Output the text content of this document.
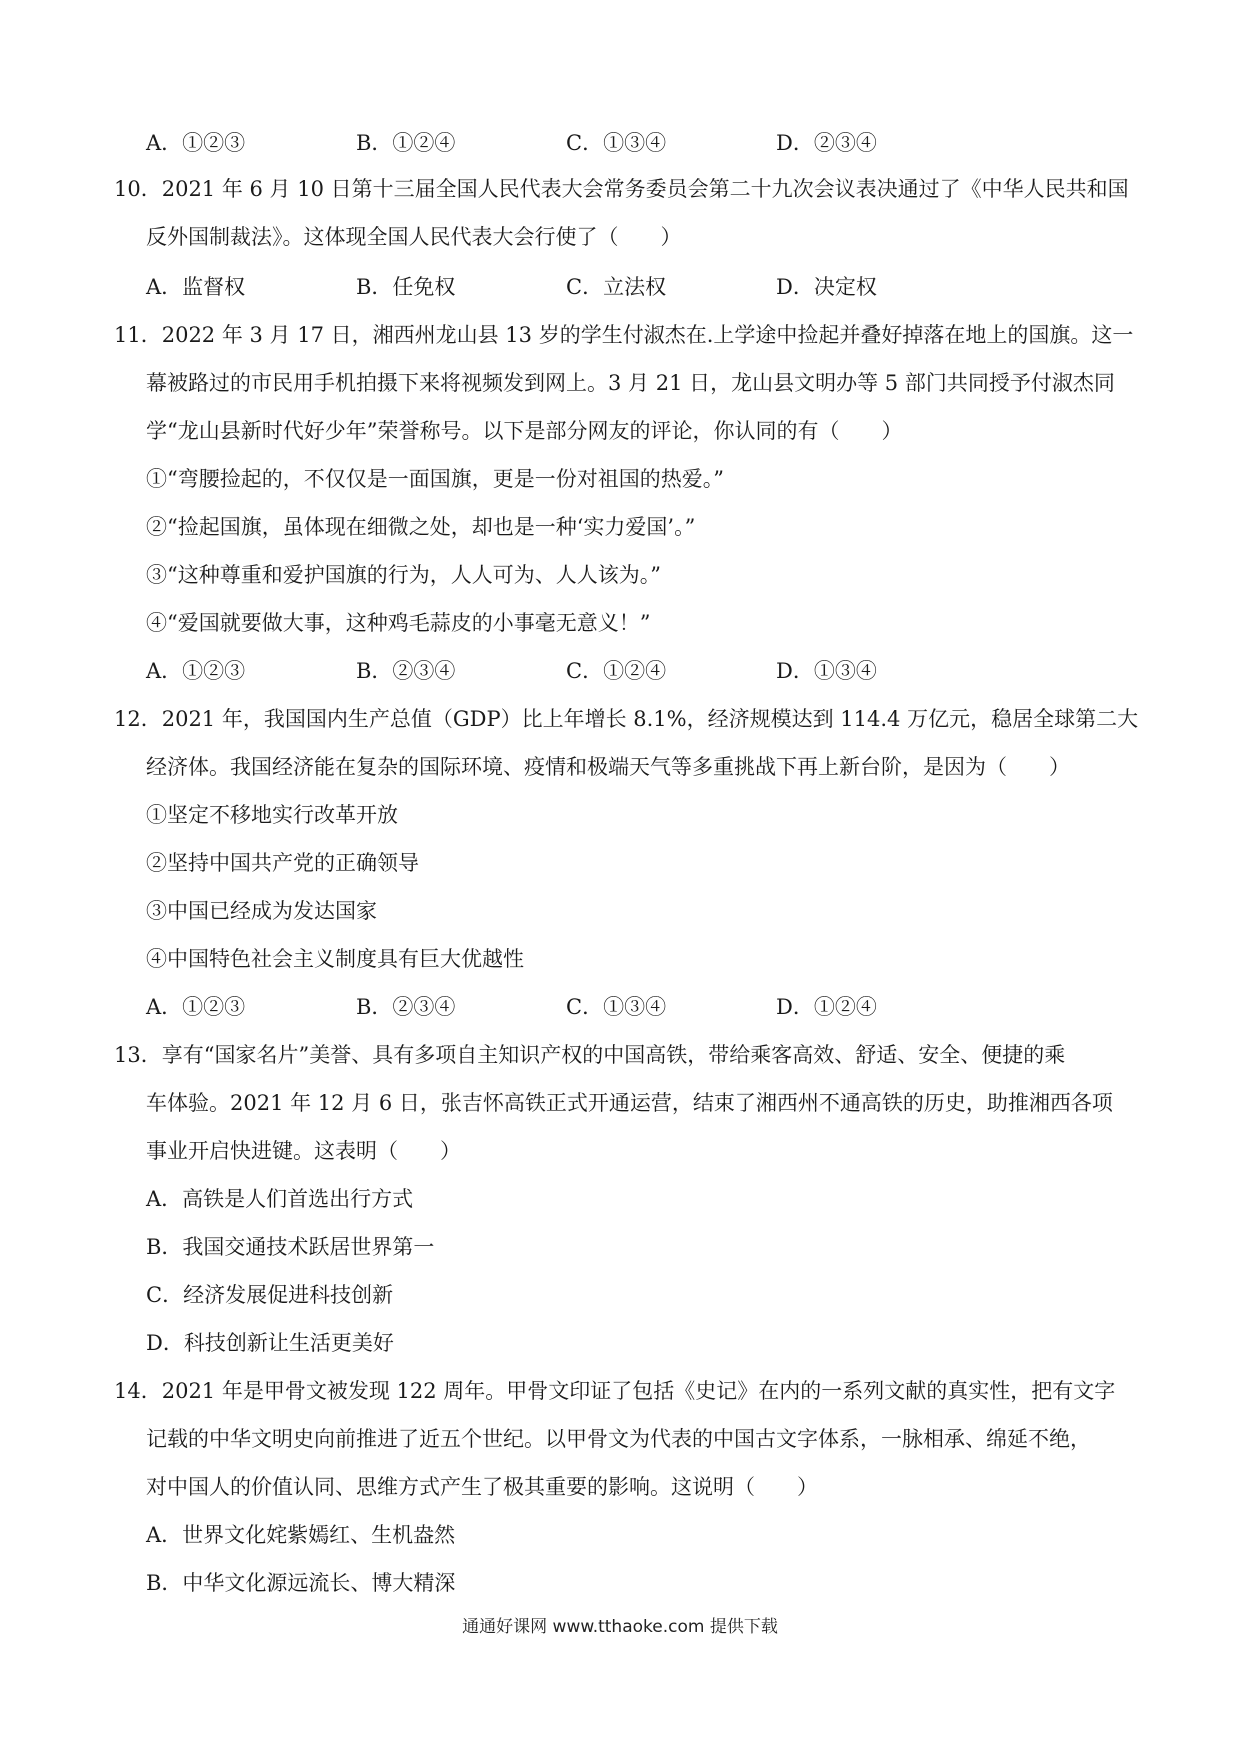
A．①②③	B．①②④	C．①③④	D．②③④
10．2021 年 6 月 10 日第十三届全国人民代表大会常务委员会第二十九次会议表决通过了《中华人民共和国
反外国制裁法》。这体现全国人民代表大会行使了（　　）
A．监督权	B．任免权	C．立法权	D．决定权
11．2022 年 3 月 17 日，湘西州龙山县 13 岁的学生付淑杰在.上学途中捡起并叠好掉落在地上的国旗。这一
幕被路过的市民用手机拍摄下来将视频发到网上。3 月 21 日，龙山县文明办等 5 部门共同授予付淑杰同
学“龙山县新时代好少年”荣誉称号。以下是部分网友的评论，你认同的有（　　）
①“弯腰捡起的，不仅仅是一面国旗，更是一份对祖国的热爱。”
②“捡起国旗，虽体现在细微之处，却也是一种‘实力爱国’。”
③“这种尊重和爱护国旗的行为，人人可为、人人该为。”
④“爱国就要做大事，这种鸡毛蒜皮的小事毫无意义！”
A．①②③	B．②③④	C．①②④	D．①③④
12．2021 年，我国国内生产总值（GDP）比上年增长 8.1%，经济规模达到 114.4 万亿元，稳居全球第二大
经济体。我国经济能在复杂的国际环境、疫情和极端天气等多重挑战下再上新台阶，是因为（　　）
①坚定不移地实行改革开放
②坚持中国共产党的正确领导
③中国已经成为发达国家
④中国特色社会主义制度具有巨大优越性
A．①②③	B．②③④	C．①③④	D．①②④
13．享有“国家名片”美誉、具有多项自主知识产权的中国高铁，带给乘客高效、舒适、安全、便捷的乘
车体验。2021 年 12 月 6 日，张吉怀高铁正式开通运营，结束了湘西州不通高铁的历史，助推湘西各项
事业开启快进键。这表明（　　）
A．高铁是人们首选出行方式
B．我国交通技术跃居世界第一
C．经济发展促进科技创新
D．科技创新让生活更美好
14．2021 年是甲骨文被发现 122 周年。甲骨文印证了包括《史记》在内的一系列文献的真实性，把有文字
记载的中华文明史向前推进了近五个世纪。以甲骨文为代表的中国古文字体系，一脉相承、绵延不绝，
对中国人的价值认同、思维方式产生了极其重要的影响。这说明（　　）
A．世界文化姹紫嫣红、生机盎然
B．中华文化源远流长、博大精深
通通好课网 www.tthaoke.com 提供下载
